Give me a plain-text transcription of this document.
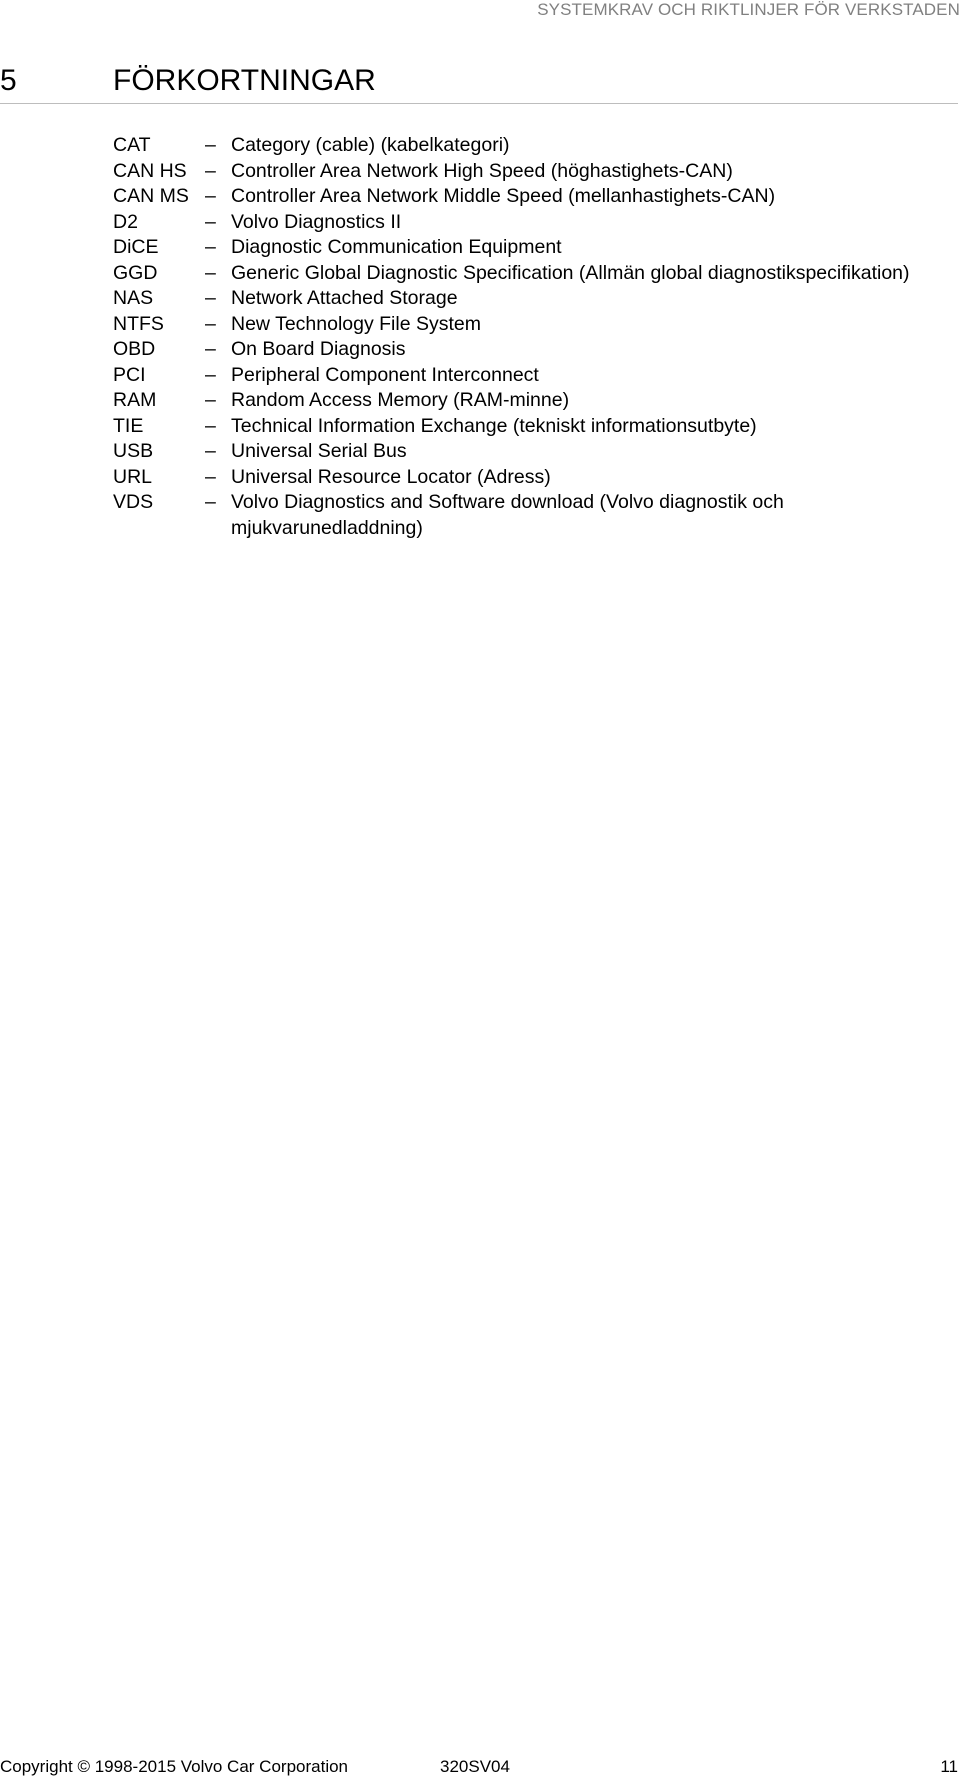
SYSTEMKRAV OCH RIKTLINJER FÖR VERKSTADEN
5	FÖRKORTNINGAR
CAT	– Category (cable) (kabelkategori)
CAN HS – Controller Area Network High Speed (höghastighets-CAN)
CAN MS – Controller Area Network Middle Speed (mellanhastighets-CAN)
D2	– Volvo Diagnostics II
DiCE	– Diagnostic Communication Equipment
GGD	– Generic Global Diagnostic Specification (Allmän global diagnostikspecifikation)
NAS	– Network Attached Storage
NTFS	– New Technology File System
OBD	– On Board Diagnosis
PCI	– Peripheral Component Interconnect
RAM	– Random Access Memory (RAM-minne)
TIE	– Technical Information Exchange (tekniskt informationsutbyte)
USB	– Universal Serial Bus
URL	– Universal Resource Locator (Adress)
VDS	– Volvo Diagnostics and Software download (Volvo diagnostik och mjukvarunedladdning)
Copyright © 1998-2015 Volvo Car Corporation	320SV04	11
